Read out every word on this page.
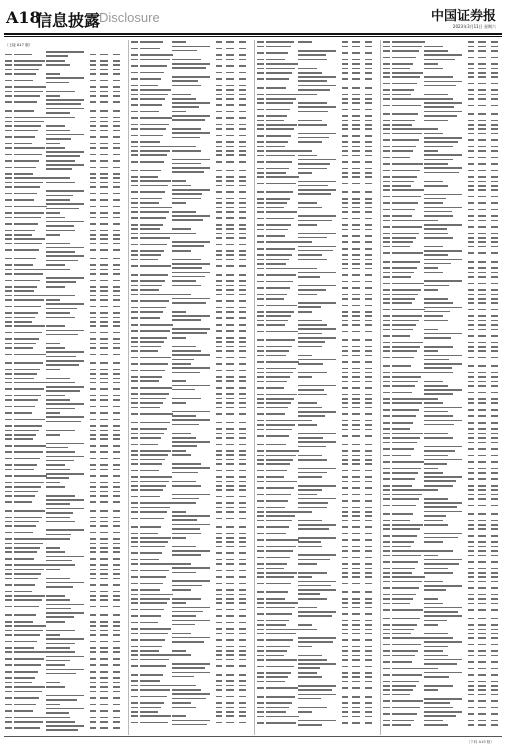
A18
信息披露
Disclosure	中国证券报
2023年3月11日 星期六
（上接 A17 版）
（下转 A19 版）
